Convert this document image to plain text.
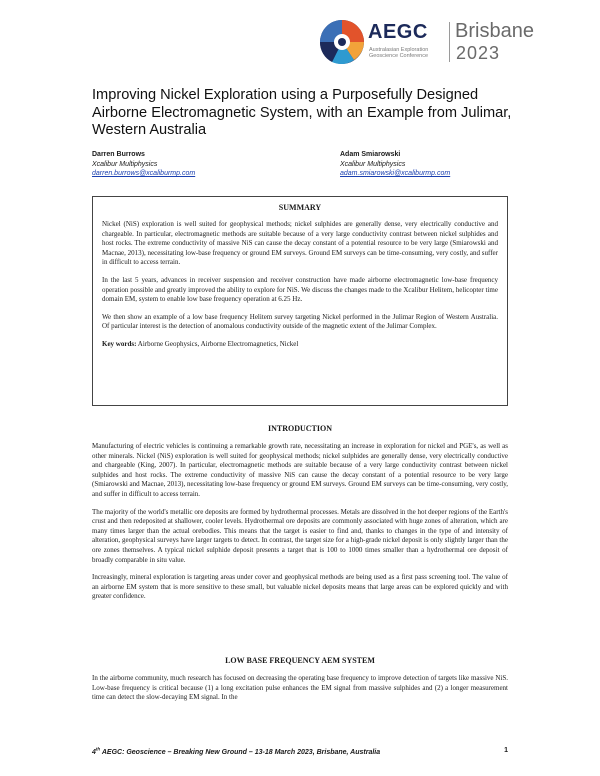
AEGC
Australasian Exploration
Geoscience Conference
Brisbane
2023
Improving Nickel Exploration using a Purposefully Designed Airborne Electromagnetic System, with an Example from Julimar, Western Australia
Darren Burrows
Xcalibur Multiphysics
darren.burrows@xcaliburmp.com
Adam Smiarowski
Xcalibur Multiphysics
adam.smiarowski@xcaliburmp.com

SUMMARY

Nickel (NiS) exploration is well suited for geophysical methods; nickel sulphides are generally dense, very electrically conductive and chargeable. In particular, electromagnetic methods are suitable because of a very large conductivity contrast between nickel sulphides and host rocks. The extreme conductivity of massive NiS can cause the decay constant of a potential resource to be very large (Smiarowski and Macnae, 2013), necessitating low-base frequency or ground EM surveys. Ground EM surveys can be time-consuming, very costly, and suffer in difficult to access terrain.

In the last 5 years, advances in receiver suspension and receiver construction have made airborne electromagnetic low-base frequency operation possible and greatly improved the ability to explore for NiS. We discuss the changes made to the Xcalibur Helitem, helicopter time domain EM, system to enable low base frequency operation at 6.25 Hz.

We then show an example of a low base frequency Helitem survey targeting Nickel performed in the Julimar Region of Western Australia. Of particular interest is the detection of anomalous conductivity outside of the magnetic extent of the Julimar Complex.

Key words: Airborne Geophysics, Airborne Electromagnetics, Nickel

INTRODUCTION

Manufacturing of electric vehicles is continuing a remarkable growth rate, necessitating an increase in exploration for nickel and PGE's, as well as other minerals. Nickel (NiS) exploration is well suited for geophysical methods; nickel sulphides are generally dense, very electrically conductive and chargeable (King, 2007). In particular, electromagnetic methods are suitable because of a very large conductivity contrast between nickel sulphides and host rocks. The extreme conductivity of massive NiS can cause the decay constant of a potential resource to be very large (Smiarowski and Macnae, 2013), necessitating low-base frequency or ground EM surveys. Ground EM surveys can be time-consuming, very costly, and suffer in difficult to access terrain.

The majority of the world's metallic ore deposits are formed by hydrothermal processes. Metals are dissolved in the hot deeper regions of the Earth's crust and then redeposited at shallower, cooler levels. Hydrothermal ore deposits are commonly associated with huge zones of alteration, which are many times larger than the actual orebodies. This means that the target is easier to find and, thanks to changes in the type of and intensity of alteration, geophysical surveys have larger targets to detect. In contrast, the target size for a high-grade nickel deposit is only slightly larger than the ore zones themselves. A typical nickel sulphide deposit presents a target that is 100 to 1000 times smaller than a hydrothermal ore deposit of broadly comparable in situ value.

Increasingly, mineral exploration is targeting areas under cover and geophysical methods are being used as a first pass screening tool. The value of an airborne EM system that is more sensitive to these small, but valuable nickel deposits means that large areas can be explored quickly and with greater confidence.

LOW BASE FREQUENCY AEM SYSTEM

In the airborne community, much research has focused on decreasing the operating base frequency to improve detection of targets like massive NiS. Low-base frequency is critical because (1) a long excitation pulse enhances the EM signal from massive sulphides and (2) a longer measurement time can detect the slow-decaying EM signal. In the

4th AEGC: Geoscience – Breaking New Ground – 13-18 March 2023, Brisbane, Australia	1
